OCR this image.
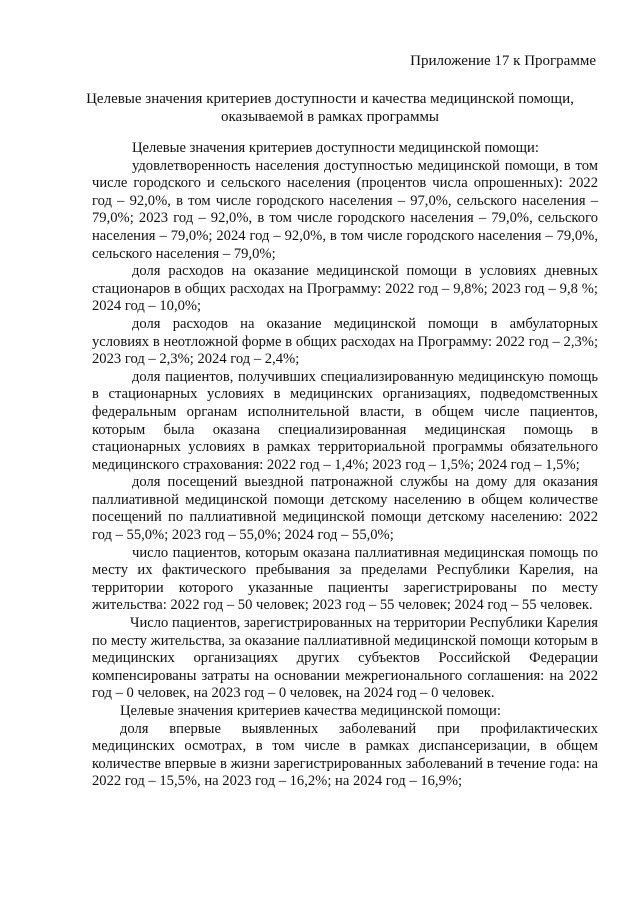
Приложение 17 к Программе
Целевые значения критериев доступности и качества медицинской помощи,
оказываемой в рамках программы

Целевые значения критериев доступности медицинской помощи:

удовлетворенность населения доступностью медицинской помощи, в том числе городского и сельского населения (процентов числа опрошенных): 2022 год – 92,0%, в том числе городского населения – 97,0%, сельского населения – 79,0%; 2023 год – 92,0%, в том числе городского населения – 79,0%, сельского населения – 79,0%; 2024 год – 92,0%, в том числе городского населения – 79,0%, сельского населения – 79,0%;

доля расходов на оказание медицинской помощи в условиях дневных стационаров в общих расходах на Программу: 2022 год – 9,8%; 2023 год – 9,8 %; 2024 год – 10,0%;

доля расходов на оказание медицинской помощи в амбулаторных условиях в неотложной форме в общих расходах на Программу: 2022 год – 2,3%; 2023 год – 2,3%; 2024 год – 2,4%;

доля пациентов, получивших специализированную медицинскую помощь в стационарных условиях в медицинских организациях, подведомственных федеральным органам исполнительной власти, в общем числе пациентов, которым была оказана специализированная медицинская помощь в стационарных условиях в рамках территориальной программы обязательного медицинского страхования: 2022 год – 1,4%; 2023 год – 1,5%; 2024 год – 1,5%;

доля посещений выездной патронажной службы на дому для оказания паллиативной медицинской помощи детскому населению в общем количестве посещений по паллиативной медицинской помощи детскому населению: 2022 год – 55,0%; 2023 год – 55,0%; 2024 год – 55,0%;

число пациентов, которым оказана паллиативная медицинская помощь по месту их фактического пребывания за пределами Республики Карелия, на территории которого указанные пациенты зарегистрированы по месту жительства: 2022 год – 50 человек; 2023 год – 55 человек; 2024 год – 55 человек.

Число пациентов, зарегистрированных на территории Республики Карелия по месту жительства, за оказание паллиативной медицинской помощи которым в медицинских организациях других субъектов Российской Федерации компенсированы затраты на основании межрегионального соглашения: на 2022 год – 0 человек, на 2023 год – 0 человек, на 2024 год – 0 человек.

Целевые значения критериев качества медицинской помощи:

доля впервые выявленных заболеваний при профилактических медицинских осмотрах, в том числе в рамках диспансеризации, в общем количестве впервые в жизни зарегистрированных заболеваний в течение года: на 2022 год – 15,5%, на 2023 год – 16,2%; на 2024 год – 16,9%;
